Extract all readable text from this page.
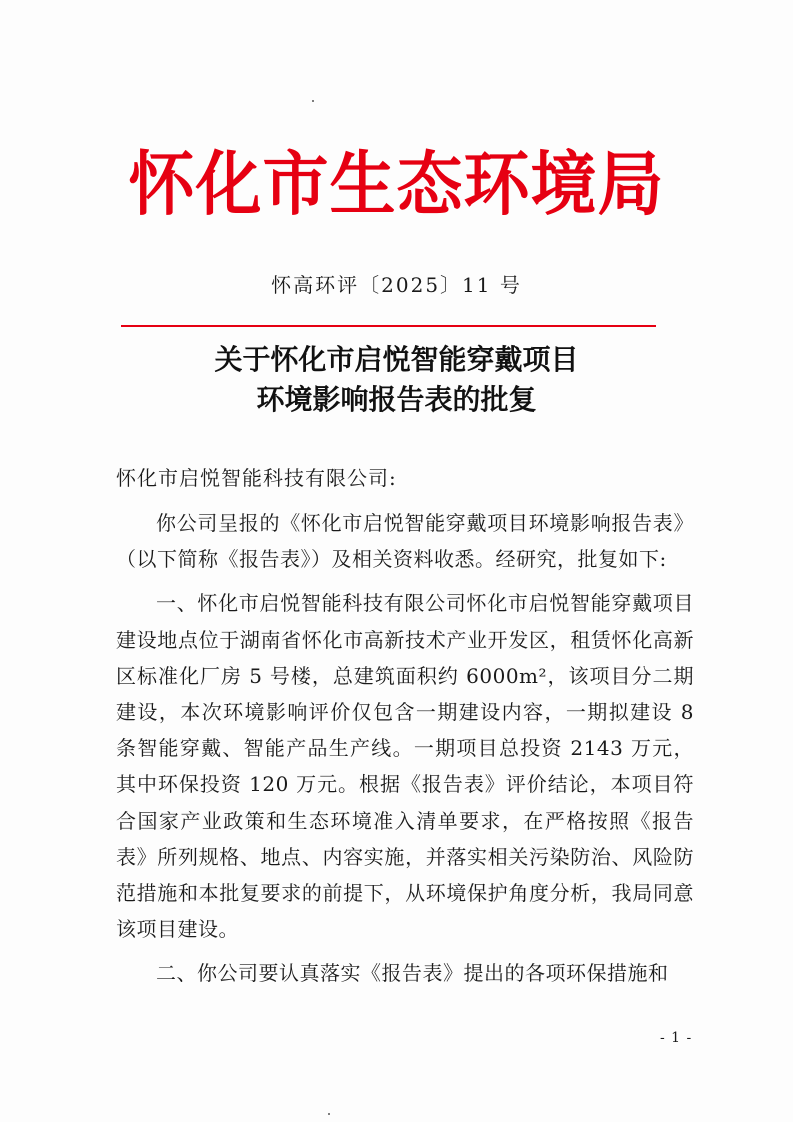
怀化市生态环境局
怀高环评〔2025〕11 号
关于怀化市启悦智能穿戴项目
环境影响报告表的批复
怀化市启悦智能科技有限公司:

你公司呈报的《怀化市启悦智能穿戴项目环境影响报告表》（以下简称《报告表》）及相关资料收悉。经研究，批复如下:

一、怀化市启悦智能科技有限公司怀化市启悦智能穿戴项目建设地点位于湖南省怀化市高新技术产业开发区，租赁怀化高新区标准化厂房 5 号楼，总建筑面积约 6000m²，该项目分二期建设，本次环境影响评价仅包含一期建设内容，一期拟建设 8 条智能穿戴、智能产品生产线。一期项目总投资 2143 万元，其中环保投资 120 万元。根据《报告表》评价结论，本项目符合国家产业政策和生态环境准入清单要求，在严格按照《报告表》所列规格、地点、内容实施，并落实相关污染防治、风险防范措施和本批复要求的前提下，从环境保护角度分析，我局同意该项目建设。

二、你公司要认真落实《报告表》提出的各项环保措施和

- 1 -
